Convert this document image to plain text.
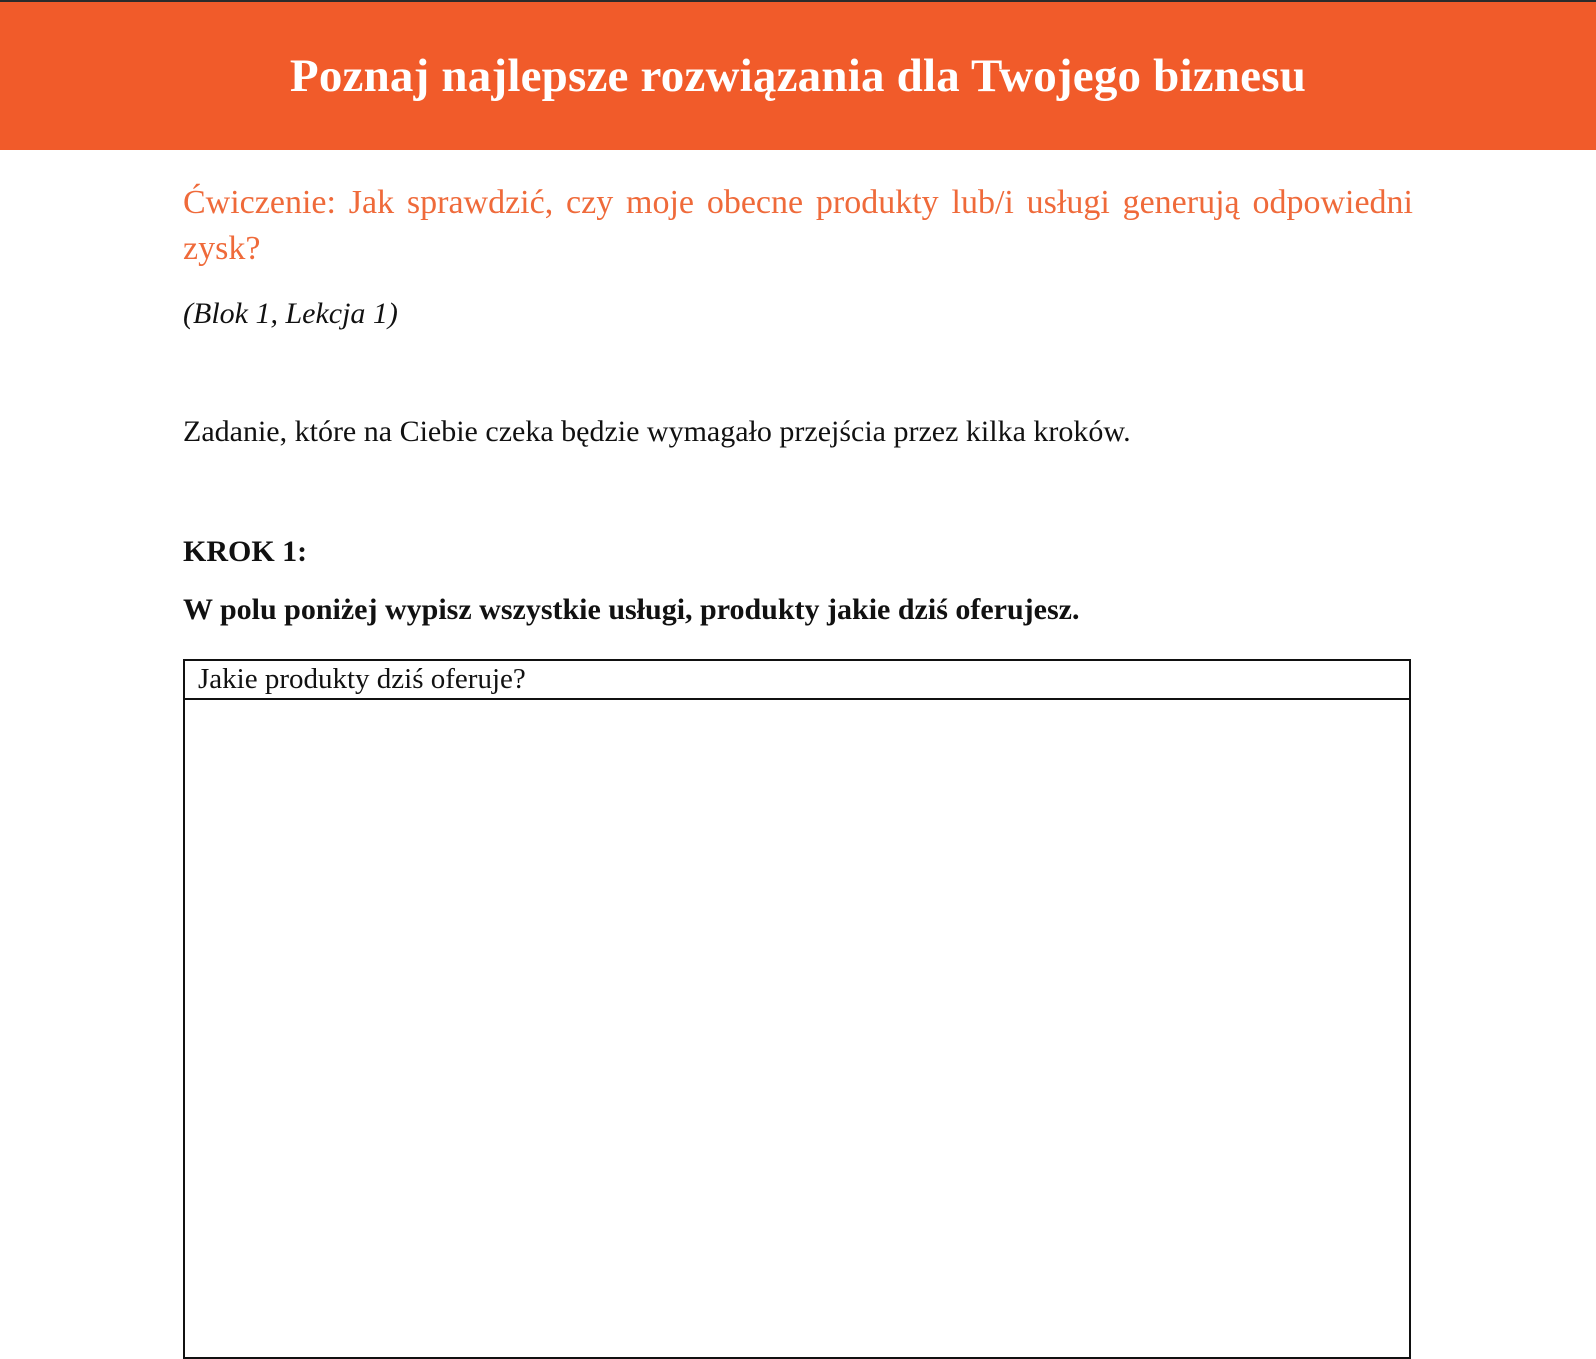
Poznaj najlepsze rozwiązania dla Twojego biznesu

Ćwiczenie: Jak sprawdzić, czy moje obecne produkty lub/i usługi generują odpowiedni zysk?

(Blok 1, Lekcja 1)
Zadanie, które na Ciebie czeka będzie wymagało przejścia przez kilka kroków.
KROK 1:
W polu poniżej wypisz wszystkie usługi, produkty jakie dziś oferujesz.
Jakie produkty dziś oferuje?
